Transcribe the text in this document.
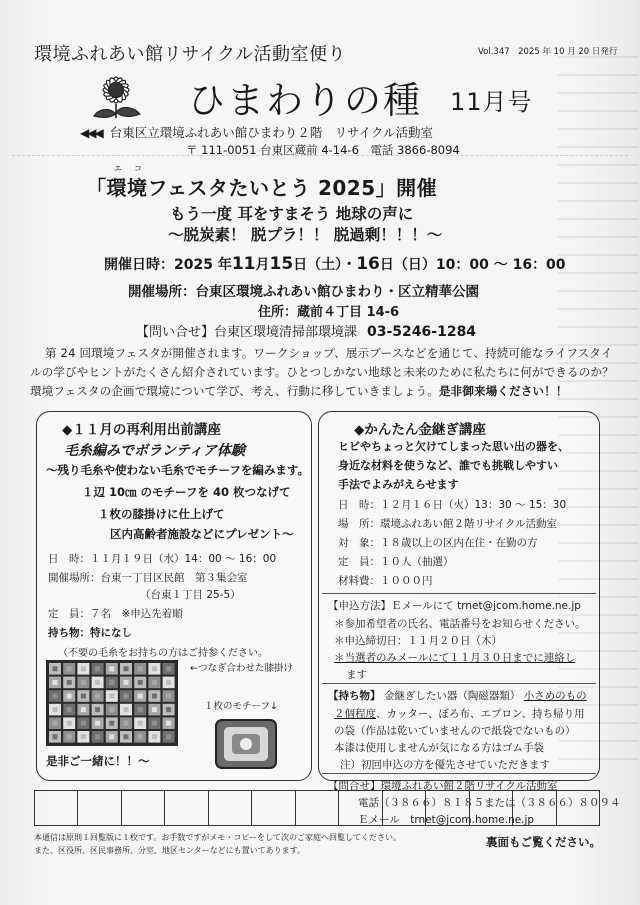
環境ふれあい館リサイクル活動室便り	Vol.347　2025 年 10 月 20 日発行
ひまわりの種 11月号
◀◀◀ 台東区立環境ふれあい館ひまわり２階　リサイクル活動室
〒 111-0051 台東区蔵前 4-14-6　電話 3866-8094
エ コ
「環境フェスタたいとう 2025」開催
もう一度 耳をすまそう 地球の声に
〜脱炭素！ 脱プラ！！ 脱過剰！！！〜
開催日時：2025 年11月15日（土）・16日（日）10：00 〜 16：00
開催場所：台東区環境ふれあい館ひまわり・区立精華公園
住所：蔵前４丁目 14-6
【問い合せ】台東区環境清掃部環境課 03-5246-1284
第 24 回環境フェスタが開催されます。ワークショップ、展示ブースなどを通じて、持続可能なライフスタイルの学びやヒントがたくさん紹介されています。ひとつしかない地球と未来のために私たちに何ができるのか？環境フェスタの企画で環境について学び、考え、行動に移していきましょう。是非御来場ください！！
◆１１月の再利用出前講座
毛糸編みでボランティア体験
〜残り毛糸や使わない毛糸でモチーフを編みます。
１辺 10㎝ のモチーフを 40 枚つなげて
１枚の膝掛けに仕上げて
区内高齢者施設などにプレゼント〜
日　時：１１月１９日（水）14：00 〜 16：00
開催場所：台東一丁目区民館　第３集会室
（台東１丁目 25-5）
定　員：７名　※申込先着順
持ち物：特になし
（不要の毛糸をお持ちの方はご持参ください。
←つなぎ合わせた膝掛け
１枚のモチーフ↓
是非ご一緒に！！〜
◆かんたん金継ぎ講座
ヒビやちょっと欠けてしまった思い出の器を、
身近な材料を使うなど、誰でも挑戦しやすい
手法でよみがえらせます
日　時：１２月１６日（火）13：30 〜 15：30
場　所：環境ふれあい館２階リサイクル活動室
対　象：１８歳以上の区内在住・在勤の方
定　員：１０人（抽選）
材料費：１０００円
【申込方法】Ｅメールにて trnet@jcom.home.ne.jp
＊参加希望者の氏名、電話番号をお知らせください。
＊申込締切日：１１月２０日（木）
＊当選者のみメールにて１１月３０日までに連絡し
ます
【持ち物】 金継ぎしたい器（陶磁器類） 小さめのもの
２個程度、カッター、ぼろ布、エプロン、持ち帰り用
の袋（作品は乾いていませんので紙袋でないもの）
本漆は使用しませんが気になる方はゴム手袋
注）初回申込の方を優先させていただきます
【問合せ】環境ふれあい館２階リサイクル活動室
電話（３８６６）８１８５または（３８６６）８０９４
Ｅメール　 trnet@jcom.home.ne.jp
本通信は原則１回覧版に１枚です。お手数ですがメモ・コピーをして次のご家庭へ回覧してください。
また、区役所、区民事務所、分室、地区センターなどにも置いてあります。
裏面もご覧ください。
